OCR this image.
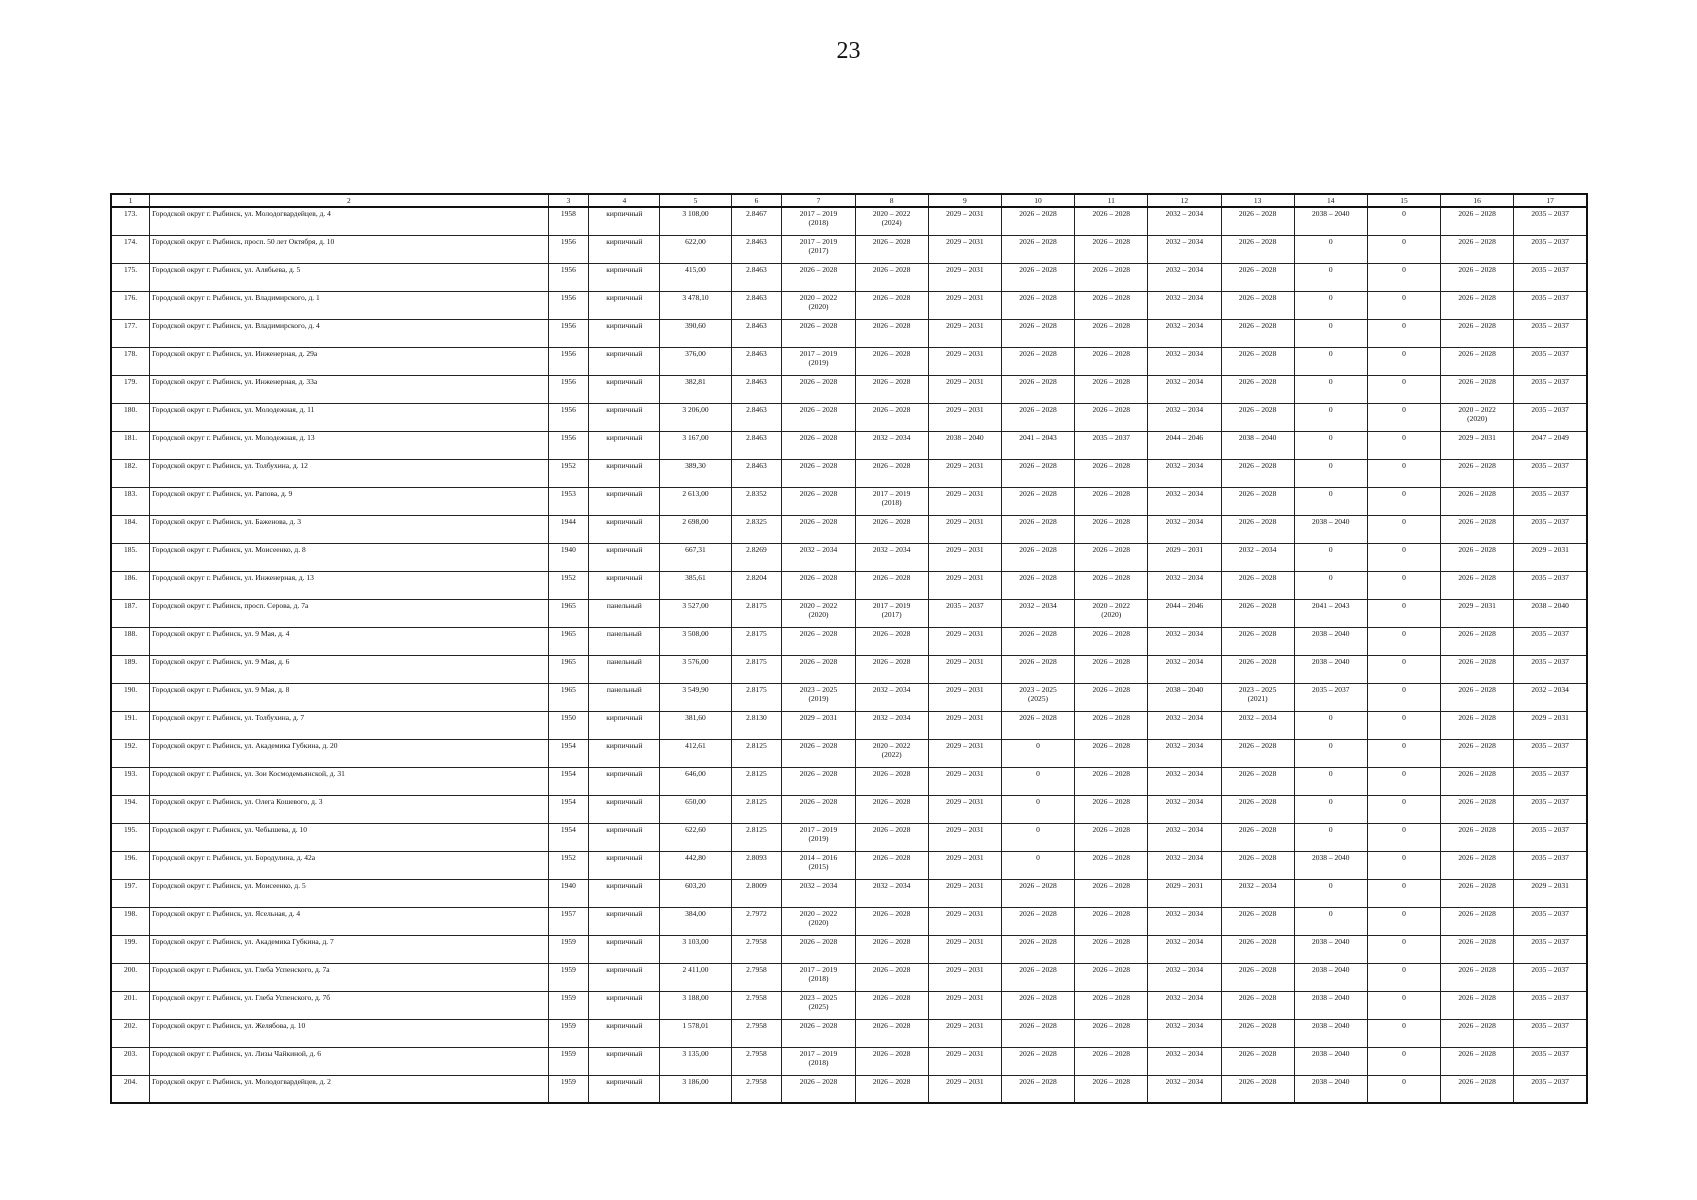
23
1	2	3	4	5	6	7	8	9	10	11	12	13	14	15	16	17
173.	Городской округ г. Рыбинск, ул. Молодогвардейцев, д. 4	1958	кирпичный	3 108,00	2.8467	2017 – 2019
(2018)	2020 – 2022
(2024)	2029 – 2031	2026 – 2028	2026 – 2028	2032 – 2034	2026 – 2028	2038 – 2040	0	2026 – 2028	2035 – 2037
174.	Городской округ г. Рыбинск, просп. 50 лет Октября, д. 10	1956	кирпичный	622,00	2.8463	2017 – 2019
(2017)	2026 – 2028	2029 – 2031	2026 – 2028	2026 – 2028	2032 – 2034	2026 – 2028	0	0	2026 – 2028	2035 – 2037
175.	Городской округ г. Рыбинск, ул. Алябьева, д. 5	1956	кирпичный	415,00	2.8463	2026 – 2028	2026 – 2028	2029 – 2031	2026 – 2028	2026 – 2028	2032 – 2034	2026 – 2028	0	0	2026 – 2028	2035 – 2037
176.	Городской округ г. Рыбинск, ул. Владимирского, д. 1	1956	кирпичный	3 478,10	2.8463	2020 – 2022
(2020)	2026 – 2028	2029 – 2031	2026 – 2028	2026 – 2028	2032 – 2034	2026 – 2028	0	0	2026 – 2028	2035 – 2037
177.	Городской округ г. Рыбинск, ул. Владимирского, д. 4	1956	кирпичный	390,60	2.8463	2026 – 2028	2026 – 2028	2029 – 2031	2026 – 2028	2026 – 2028	2032 – 2034	2026 – 2028	0	0	2026 – 2028	2035 – 2037
178.	Городской округ г. Рыбинск, ул. Инженерная, д. 29а	1956	кирпичный	376,00	2.8463	2017 – 2019
(2019)	2026 – 2028	2029 – 2031	2026 – 2028	2026 – 2028	2032 – 2034	2026 – 2028	0	0	2026 – 2028	2035 – 2037
179.	Городской округ г. Рыбинск, ул. Инженерная, д. 33а	1956	кирпичный	382,81	2.8463	2026 – 2028	2026 – 2028	2029 – 2031	2026 – 2028	2026 – 2028	2032 – 2034	2026 – 2028	0	0	2026 – 2028	2035 – 2037
180.	Городской округ г. Рыбинск, ул. Молодежная, д. 11	1956	кирпичный	3 206,00	2.8463	2026 – 2028	2026 – 2028	2029 – 2031	2026 – 2028	2026 – 2028	2032 – 2034	2026 – 2028	0	0	2020 – 2022
(2020)	2035 – 2037
181.	Городской округ г. Рыбинск, ул. Молодежная, д. 13	1956	кирпичный	3 167,00	2.8463	2026 – 2028	2032 – 2034	2038 – 2040	2041 – 2043	2035 – 2037	2044 – 2046	2038 – 2040	0	0	2029 – 2031	2047 – 2049
182.	Городской округ г. Рыбинск, ул. Толбухина, д. 12	1952	кирпичный	389,30	2.8463	2026 – 2028	2026 – 2028	2029 – 2031	2026 – 2028	2026 – 2028	2032 – 2034	2026 – 2028	0	0	2026 – 2028	2035 – 2037
183.	Городской округ г. Рыбинск, ул. Рапова, д. 9	1953	кирпичный	2 613,00	2.8352	2026 – 2028	2017 – 2019
(2018)	2029 – 2031	2026 – 2028	2026 – 2028	2032 – 2034	2026 – 2028	0	0	2026 – 2028	2035 – 2037
184.	Городской округ г. Рыбинск, ул. Баженова, д. 3	1944	кирпичный	2 698,00	2.8325	2026 – 2028	2026 – 2028	2029 – 2031	2026 – 2028	2026 – 2028	2032 – 2034	2026 – 2028	2038 – 2040	0	2026 – 2028	2035 – 2037
185.	Городской округ г. Рыбинск, ул. Моисеенко, д. 8	1940	кирпичный	667,31	2.8269	2032 – 2034	2032 – 2034	2029 – 2031	2026 – 2028	2026 – 2028	2029 – 2031	2032 – 2034	0	0	2026 – 2028	2029 – 2031
186.	Городской округ г. Рыбинск, ул. Инженерная, д. 13	1952	кирпичный	385,61	2.8204	2026 – 2028	2026 – 2028	2029 – 2031	2026 – 2028	2026 – 2028	2032 – 2034	2026 – 2028	0	0	2026 – 2028	2035 – 2037
187.	Городской округ г. Рыбинск, просп. Серова, д. 7а	1965	панельный	3 527,00	2.8175	2020 – 2022
(2020)	2017 – 2019
(2017)	2035 – 2037	2032 – 2034	2020 – 2022
(2020)	2044 – 2046	2026 – 2028	2041 – 2043	0	2029 – 2031	2038 – 2040
188.	Городской округ г. Рыбинск, ул. 9 Мая, д. 4	1965	панельный	3 508,00	2.8175	2026 – 2028	2026 – 2028	2029 – 2031	2026 – 2028	2026 – 2028	2032 – 2034	2026 – 2028	2038 – 2040	0	2026 – 2028	2035 – 2037
189.	Городской округ г. Рыбинск, ул. 9 Мая, д. 6	1965	панельный	3 576,00	2.8175	2026 – 2028	2026 – 2028	2029 – 2031	2026 – 2028	2026 – 2028	2032 – 2034	2026 – 2028	2038 – 2040	0	2026 – 2028	2035 – 2037
190.	Городской округ г. Рыбинск, ул. 9 Мая, д. 8	1965	панельный	3 549,90	2.8175	2023 – 2025
(2019)	2032 – 2034	2029 – 2031	2023 – 2025
(2025)	2026 – 2028	2038 – 2040	2023 – 2025
(2021)	2035 – 2037	0	2026 – 2028	2032 – 2034
191.	Городской округ г. Рыбинск, ул. Толбухина, д. 7	1950	кирпичный	381,60	2.8130	2029 – 2031	2032 – 2034	2029 – 2031	2026 – 2028	2026 – 2028	2032 – 2034	2032 – 2034	0	0	2026 – 2028	2029 – 2031
192.	Городской округ г. Рыбинск, ул. Академика Губкина, д. 20	1954	кирпичный	412,61	2.8125	2026 – 2028	2020 – 2022
(2022)	2029 – 2031	0	2026 – 2028	2032 – 2034	2026 – 2028	0	0	2026 – 2028	2035 – 2037
193.	Городской округ г. Рыбинск, ул. Зои Космодемьянской, д. 31	1954	кирпичный	646,00	2.8125	2026 – 2028	2026 – 2028	2029 – 2031	0	2026 – 2028	2032 – 2034	2026 – 2028	0	0	2026 – 2028	2035 – 2037
194.	Городской округ г. Рыбинск, ул. Олега Кошевого, д. 3	1954	кирпичный	650,00	2.8125	2026 – 2028	2026 – 2028	2029 – 2031	0	2026 – 2028	2032 – 2034	2026 – 2028	0	0	2026 – 2028	2035 – 2037
195.	Городской округ г. Рыбинск, ул. Чебышева, д. 10	1954	кирпичный	622,60	2.8125	2017 – 2019
(2019)	2026 – 2028	2029 – 2031	0	2026 – 2028	2032 – 2034	2026 – 2028	0	0	2026 – 2028	2035 – 2037
196.	Городской округ г. Рыбинск, ул. Бородулина, д. 42а	1952	кирпичный	442,80	2.8093	2014 – 2016
(2015)	2026 – 2028	2029 – 2031	0	2026 – 2028	2032 – 2034	2026 – 2028	2038 – 2040	0	2026 – 2028	2035 – 2037
197.	Городской округ г. Рыбинск, ул. Моисеенко, д. 5	1940	кирпичный	603,20	2.8009	2032 – 2034	2032 – 2034	2029 – 2031	2026 – 2028	2026 – 2028	2029 – 2031	2032 – 2034	0	0	2026 – 2028	2029 – 2031
198.	Городской округ г. Рыбинск, ул. Ясельная, д. 4	1957	кирпичный	384,00	2.7972	2020 – 2022
(2020)	2026 – 2028	2029 – 2031	2026 – 2028	2026 – 2028	2032 – 2034	2026 – 2028	0	0	2026 – 2028	2035 – 2037
199.	Городской округ г. Рыбинск, ул. Академика Губкина, д. 7	1959	кирпичный	3 103,00	2.7958	2026 – 2028	2026 – 2028	2029 – 2031	2026 – 2028	2026 – 2028	2032 – 2034	2026 – 2028	2038 – 2040	0	2026 – 2028	2035 – 2037
200.	Городской округ г. Рыбинск, ул. Глеба Успенского, д. 7а	1959	кирпичный	2 411,00	2.7958	2017 – 2019
(2018)	2026 – 2028	2029 – 2031	2026 – 2028	2026 – 2028	2032 – 2034	2026 – 2028	2038 – 2040	0	2026 – 2028	2035 – 2037
201.	Городской округ г. Рыбинск, ул. Глеба Успенского, д. 7б	1959	кирпичный	3 188,00	2.7958	2023 – 2025
(2025)	2026 – 2028	2029 – 2031	2026 – 2028	2026 – 2028	2032 – 2034	2026 – 2028	2038 – 2040	0	2026 – 2028	2035 – 2037
202.	Городской округ г. Рыбинск, ул. Желябова, д. 10	1959	кирпичный	1 578,01	2.7958	2026 – 2028	2026 – 2028	2029 – 2031	2026 – 2028	2026 – 2028	2032 – 2034	2026 – 2028	2038 – 2040	0	2026 – 2028	2035 – 2037
203.	Городской округ г. Рыбинск, ул. Лизы Чайкиной, д. 6	1959	кирпичный	3 135,00	2.7958	2017 – 2019
(2018)	2026 – 2028	2029 – 2031	2026 – 2028	2026 – 2028	2032 – 2034	2026 – 2028	2038 – 2040	0	2026 – 2028	2035 – 2037
204.	Городской округ г. Рыбинск, ул. Молодогвардейцев, д. 2	1959	кирпичный	3 186,00	2.7958	2026 – 2028	2026 – 2028	2029 – 2031	2026 – 2028	2026 – 2028	2032 – 2034	2026 – 2028	2038 – 2040	0	2026 – 2028	2035 – 2037
